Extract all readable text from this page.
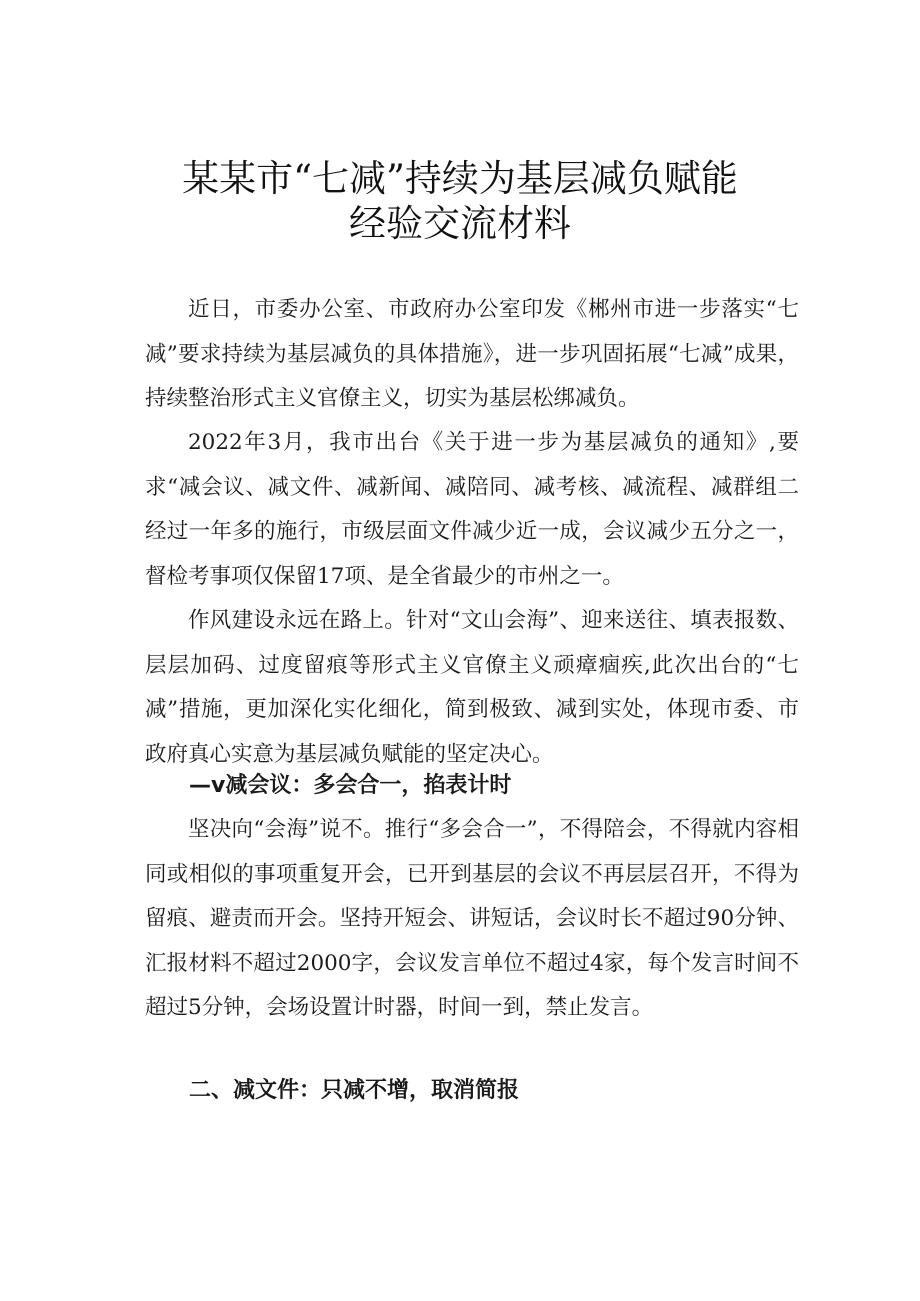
某某市“七减”持续为基层减负赋能
经验交流材料

近日，市委办公室、市政府办公室印发《郴州市进一步落实“七减”要求持续为基层减负的具体措施》，进一步巩固拓展“七减”成果，持续整治形式主义官僚主义，切实为基层松绑减负。

2022年3月，我市出台《关于进一步为基层减负的通知》,要求“减会议、减文件、减新闻、减陪同、减考核、减流程、减群组二经过一年多的施行，市级层面文件减少近一成，会议减少五分之一，督检考事项仅保留17项、是全省最少的市州之一。

作风建设永远在路上。针对“文山会海”、迎来送往、填表报数、层层加码、过度留痕等形式主义官僚主义顽瘴痼疾,此次出台的“七减”措施，更加深化实化细化，简到极致、减到实处，体现市委、市政府真心实意为基层减负赋能的坚定决心。

—v减会议：多会合一，掐表计时

坚决向“会海”说不。推行“多会合一”，不得陪会，不得就内容相同或相似的事项重复开会，已开到基层的会议不再层层召开，不得为留痕、避责而开会。坚持开短会、讲短话，会议时长不超过90分钟、汇报材料不超过2000字，会议发言单位不超过4家，每个发言时间不超过5分钟，会场设置计时器，时间一到，禁止发言。

二、减文件：只减不增，取消简报
